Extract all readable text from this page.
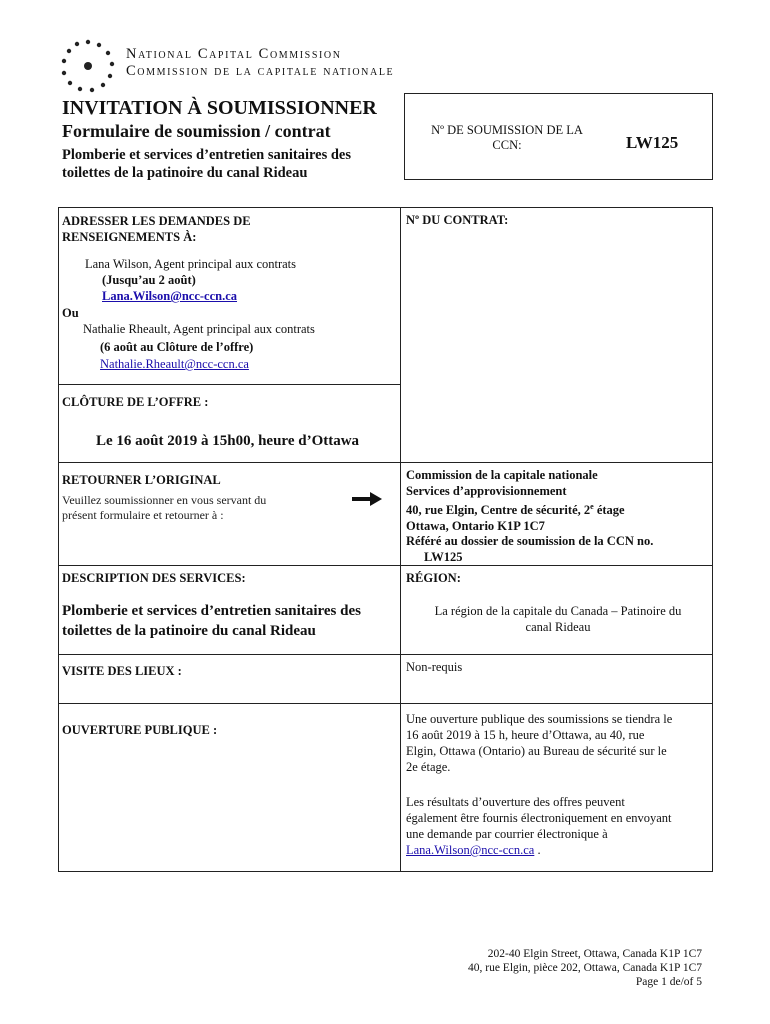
National Capital Commission
Commission de la capitale nationale
INVITATION À SOUMISSIONNER
Formulaire de soumission / contrat
Plomberie et services d’entretien sanitaires des
toilettes de la patinoire du canal Rideau
Nº DE SOUMISSION DE LA
CCN:	LW125
ADRESSER LES DEMANDES DE
RENSEIGNEMENTS À:
Lana Wilson, Agent principal aux contrats
(Jusqu’au 2 août)
Lana.Wilson@ncc-ccn.ca
Ou
Nathalie Rheault, Agent principal aux contrats
(6 août au Clôture de l’offre)
Nathalie.Rheault@ncc-ccn.ca
Nº DU CONTRAT:
CLÔTURE DE L’OFFRE :
Le 16 août 2019 à 15h00, heure d’Ottawa
RETOURNER L’ORIGINAL
Veuillez soumissionner en vous servant du
présent formulaire et retourner à :
Commission de la capitale nationale
Services d’approvisionnement
40, rue Elgin, Centre de sécurité, 2e étage
Ottawa, Ontario K1P 1C7
Référé au dossier de soumission de la CCN no.
LW125
DESCRIPTION DES SERVICES:
Plomberie et services d’entretien sanitaires des
toilettes de la patinoire du canal Rideau
RÉGION:
La région de la capitale du Canada – Patinoire du
canal Rideau
VISITE DES LIEUX :	Non-requis
OUVERTURE PUBLIQUE :
Une ouverture publique des soumissions se tiendra le
16 août 2019 à 15 h, heure d’Ottawa, au 40, rue
Elgin, Ottawa (Ontario) au Bureau de sécurité sur le
2e étage.
Les résultats d’ouverture des offres peuvent
également être fournis électroniquement en envoyant
une demande par courrier électronique à
Lana.Wilson@ncc-ccn.ca .
202-40 Elgin Street, Ottawa, Canada K1P 1C7
40, rue Elgin, pièce 202, Ottawa, Canada K1P 1C7
Page 1 de/of 5
